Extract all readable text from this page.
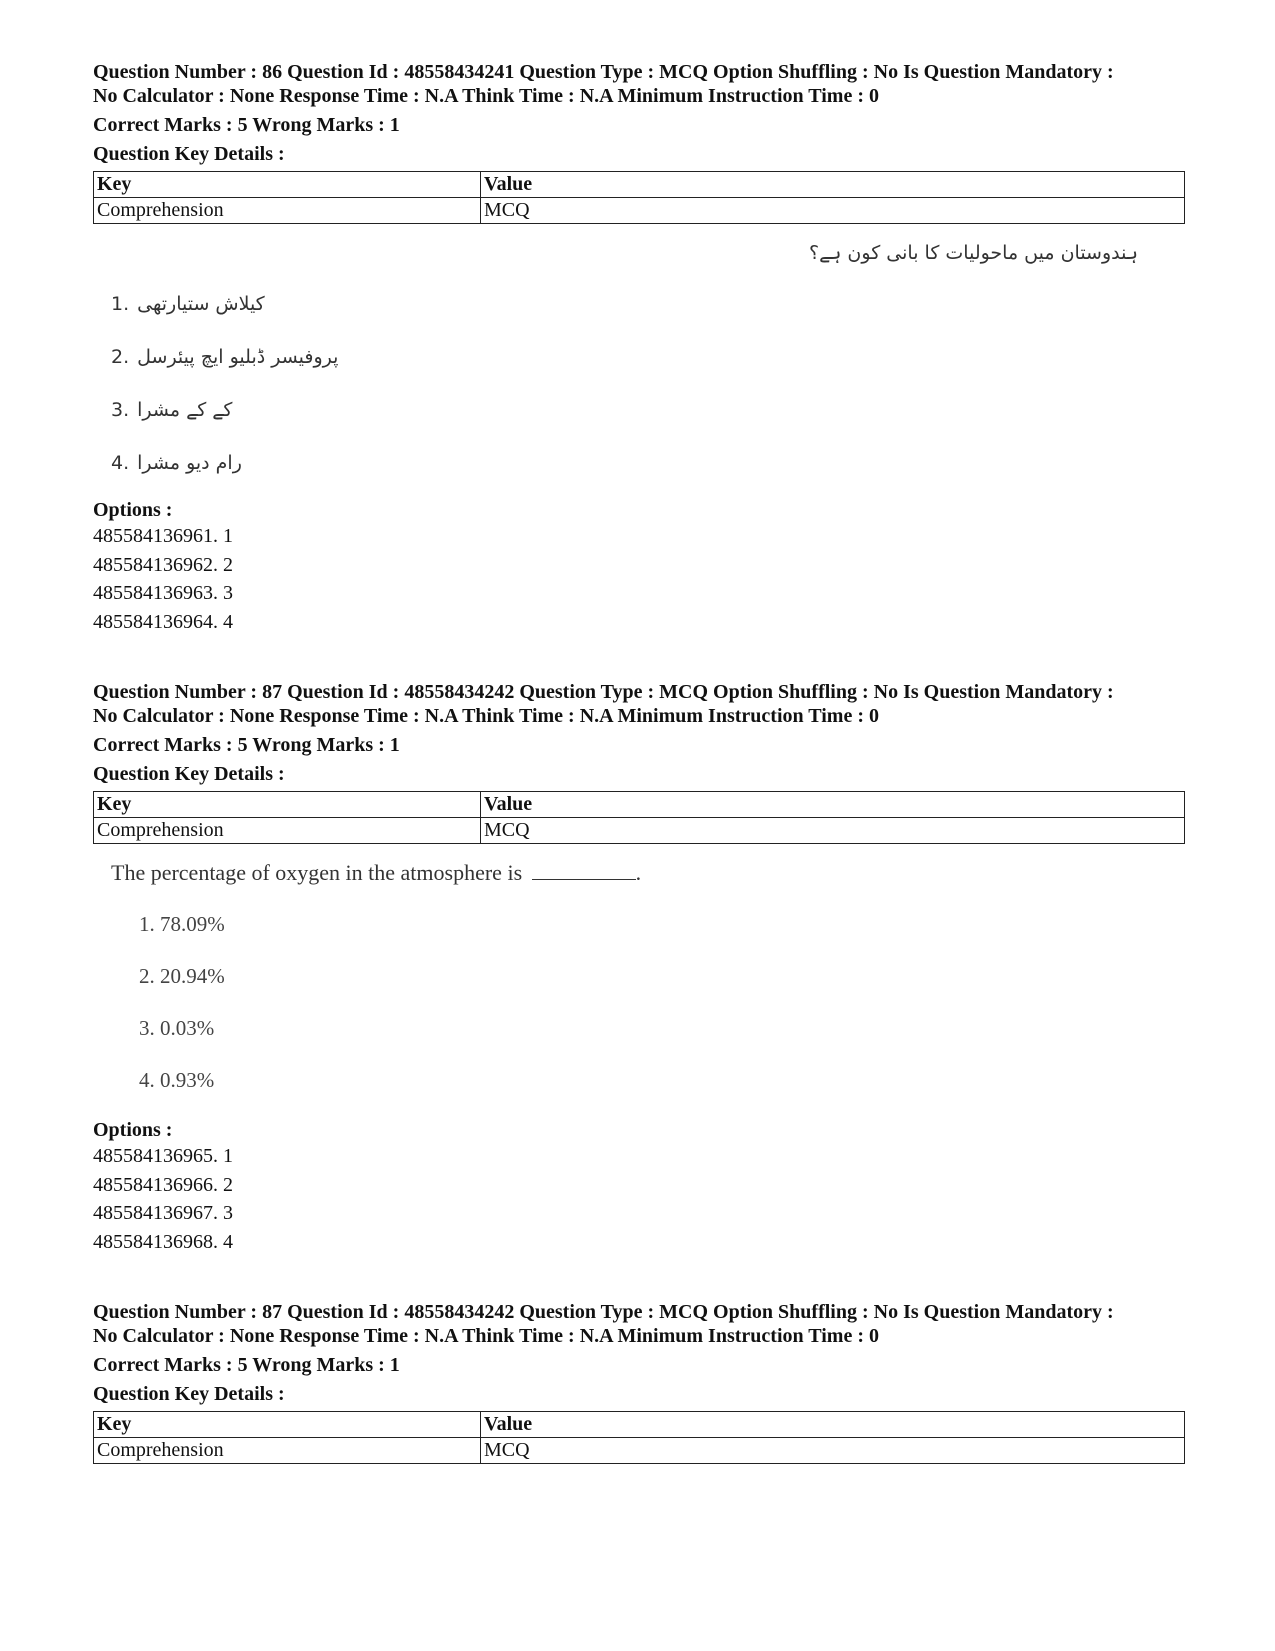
Question Number : 86 Question Id : 48558434241 Question Type : MCQ Option Shuffling : No Is Question Mandatory :
No Calculator : None Response Time : N.A Think Time : N.A Minimum Instruction Time : 0
Correct Marks : 5 Wrong Marks : 1
Question Key Details :
Key	Value
Comprehension	MCQ
ہندوستان میں ماحولیات کا بانی کون ہے؟
1. کیلاش ستیارتھی
2. پروفیسر ڈبلیو ایچ پیئرسل
3. کے کے مشرا
4. رام دیو مشرا
Options :
485584136961. 1
485584136962. 2
485584136963. 3
485584136964. 4
Question Number : 87 Question Id : 48558434242 Question Type : MCQ Option Shuffling : No Is Question Mandatory :
No Calculator : None Response Time : N.A Think Time : N.A Minimum Instruction Time : 0
Correct Marks : 5 Wrong Marks : 1
Question Key Details :
Key	Value
Comprehension	MCQ
The percentage of oxygen in the atmosphere is	.
1. 78.09%
2. 20.94%
3. 0.03%
4. 0.93%
Options :
485584136965. 1
485584136966. 2
485584136967. 3
485584136968. 4
Question Number : 87 Question Id : 48558434242 Question Type : MCQ Option Shuffling : No Is Question Mandatory :
No Calculator : None Response Time : N.A Think Time : N.A Minimum Instruction Time : 0
Correct Marks : 5 Wrong Marks : 1
Question Key Details :
Key	Value
Comprehension	MCQ
